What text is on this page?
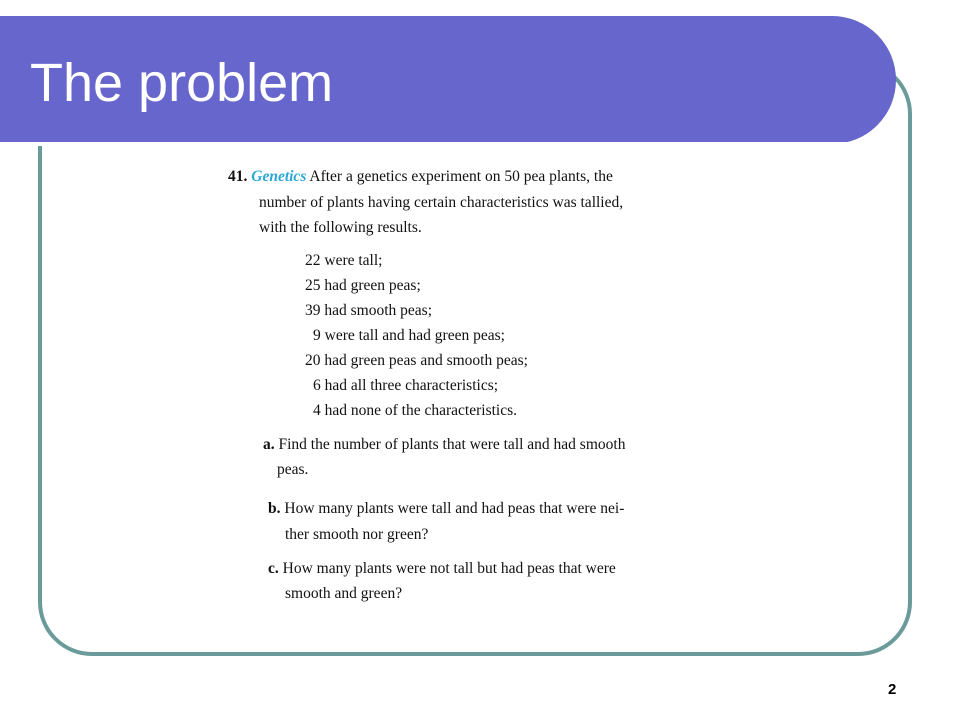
The problem
41. Genetics After a genetics experiment on 50 pea plants, the
number of plants having certain characteristics was tallied,
with the following results.
22 were tall;
25 had green peas;
39 had smooth peas;
9 were tall and had green peas;
20 had green peas and smooth peas;
6 had all three characteristics;
4 had none of the characteristics.
a. Find the number of plants that were tall and had smooth
peas.
b. How many plants were tall and had peas that were nei-
ther smooth nor green?
c. How many plants were not tall but had peas that were
smooth and green?
2
